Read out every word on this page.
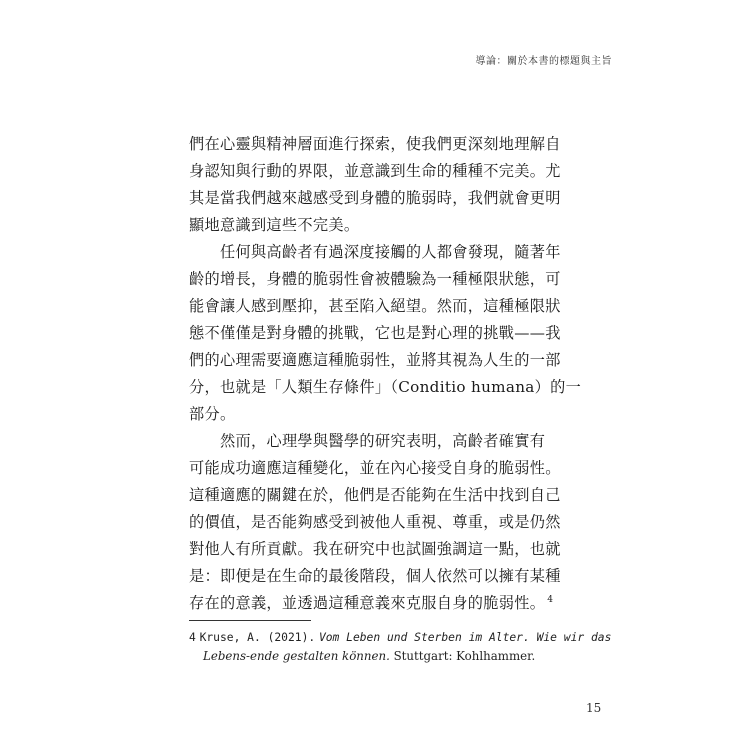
導論：關於本書的標題與主旨
們在心靈與精神層面進行探索，使我們更深刻地理解自
身認知與行動的界限，並意識到生命的種種不完美。尤
其是當我們越來越感受到身體的脆弱時，我們就會更明
顯地意識到這些不完美。
任何與高齡者有過深度接觸的人都會發現，隨著年
齡的增長，身體的脆弱性會被體驗為一種極限狀態，可
能會讓人感到壓抑，甚至陷入絕望。然而，這種極限狀
態不僅僅是對身體的挑戰，它也是對心理的挑戰——我
們的心理需要適應這種脆弱性，並將其視為人生的一部
分，也就是「人類生存條件」（Conditio humana）的一
部分。
然而，心理學與醫學的研究表明，高齡者確實有
可能成功適應這種變化，並在內心接受自身的脆弱性。
這種適應的關鍵在於，他們是否能夠在生活中找到自己
的價值，是否能夠感受到被他人重視、尊重，或是仍然
對他人有所貢獻。我在研究中也試圖強調這一點，也就
是：即便是在生命的最後階段，個人依然可以擁有某種
存在的意義，並透過這種意義來克服自身的脆弱性。 $^4$
4 Kruse, A. (2021). Vom Leben und Sterben im Alter. Wie wir das
Lebens-ende gestalten können. Stuttgart: Kohlhammer.
15
